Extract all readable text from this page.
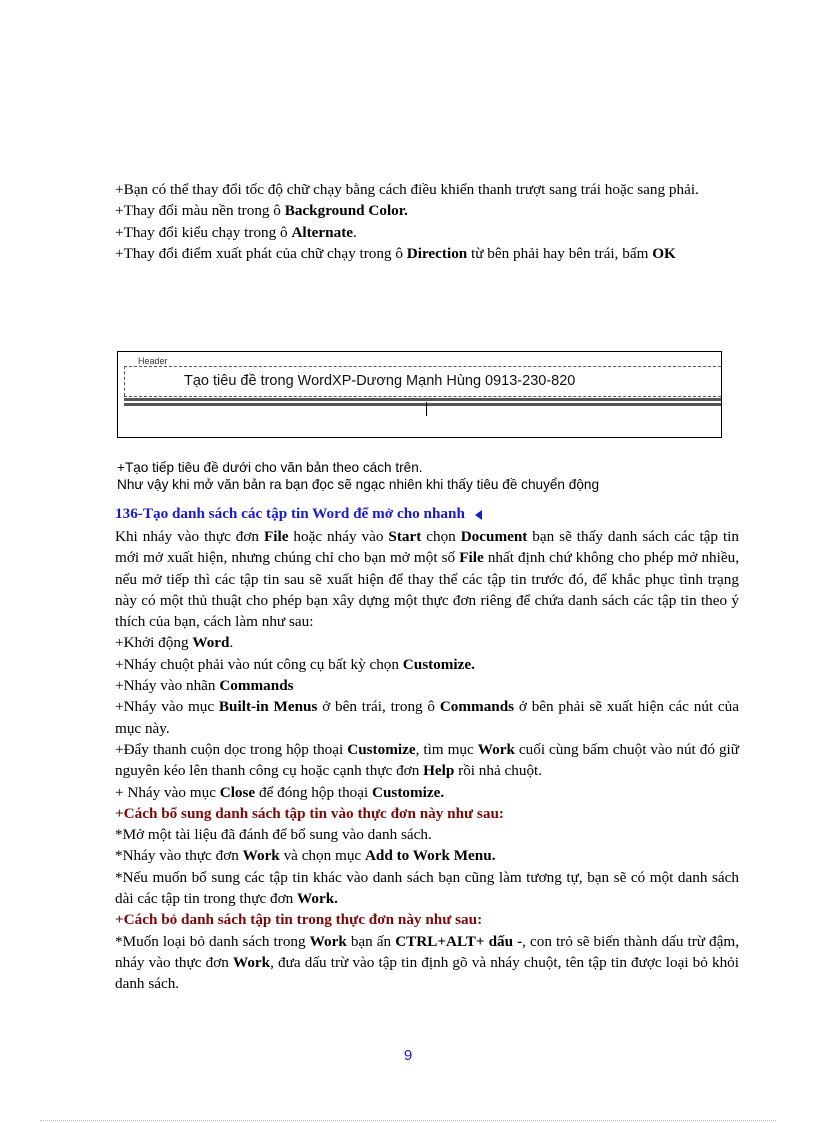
+Bạn có thể thay đổi tốc độ chữ chạy bằng cách điều khiển thanh trượt sang trái hoặc sang phải.

+Thay đổi màu nền trong ô Background Color.

+Thay đổi kiểu chạy trong ô Alternate.

+Thay đổi điểm xuất phát của chữ chạy trong ô Direction từ bên phải hay bên trái, bấm OK

Header
Tạo tiêu đề trong WordXP-Dương Mạnh Hùng 0913-230-820
+Tạo tiếp tiêu đề dưới cho văn bản theo cách trên.
Như vậy khi mở văn bản ra bạn đọc sẽ ngạc nhiên khi thấy tiêu đề chuyển động
136-Tạo danh sách các tập tin Word để mở cho nhanh

Khi nháy vào thực đơn File hoặc nháy vào Start chọn Document bạn sẽ thấy danh sách các tập tin mới mở xuất hiện, nhưng chúng chỉ cho bạn mở một số File nhất định chứ không cho phép mở nhiều, nếu mở tiếp thì các tập tin sau sẽ xuất hiện để thay thế các tập tin trước đó, để khắc phục tình trạng này có một thủ thuật cho phép bạn xây dựng một thực đơn riêng để chứa danh sách các tập tin theo ý thích của bạn, cách làm như sau:

+Khởi động Word.

+Nháy chuột phải vào nút công cụ bất kỳ chọn Customize.

+Nháy vào nhãn Commands

+Nháy vào mục Built-in Menus ở bên trái, trong ô Commands ở bên phải sẽ xuất hiện các nút của mục này.

+Đẩy thanh cuộn dọc trong hộp thoại Customize, tìm mục Work cuối cùng bấm chuột vào nút đó giữ nguyên kéo lên thanh công cụ hoặc cạnh thực đơn Help rồi nhả chuột.

+ Nháy vào mục Close để đóng hộp thoại Customize.

+Cách bổ sung danh sách tập tin vào thực đơn này như sau:

*Mở một tài liệu đã đánh để bổ sung vào danh sách.

*Nháy vào thực đơn Work và chọn mục Add to Work Menu.

*Nếu muốn bổ sung các tập tin khác vào danh sách bạn cũng làm tương tự, bạn sẽ có một danh sách dài các tập tin trong thực đơn Work.

+Cách bỏ danh sách tập tin trong thực đơn này như sau:

*Muốn loại bỏ danh sách trong Work bạn ấn CTRL+ALT+ dấu -, con trỏ sẽ biến thành dấu trừ đậm, nháy vào thực đơn Work, đưa dấu trừ vào tập tin định gõ và nháy chuột, tên tập tin được loại bỏ khỏi danh sách.

9
